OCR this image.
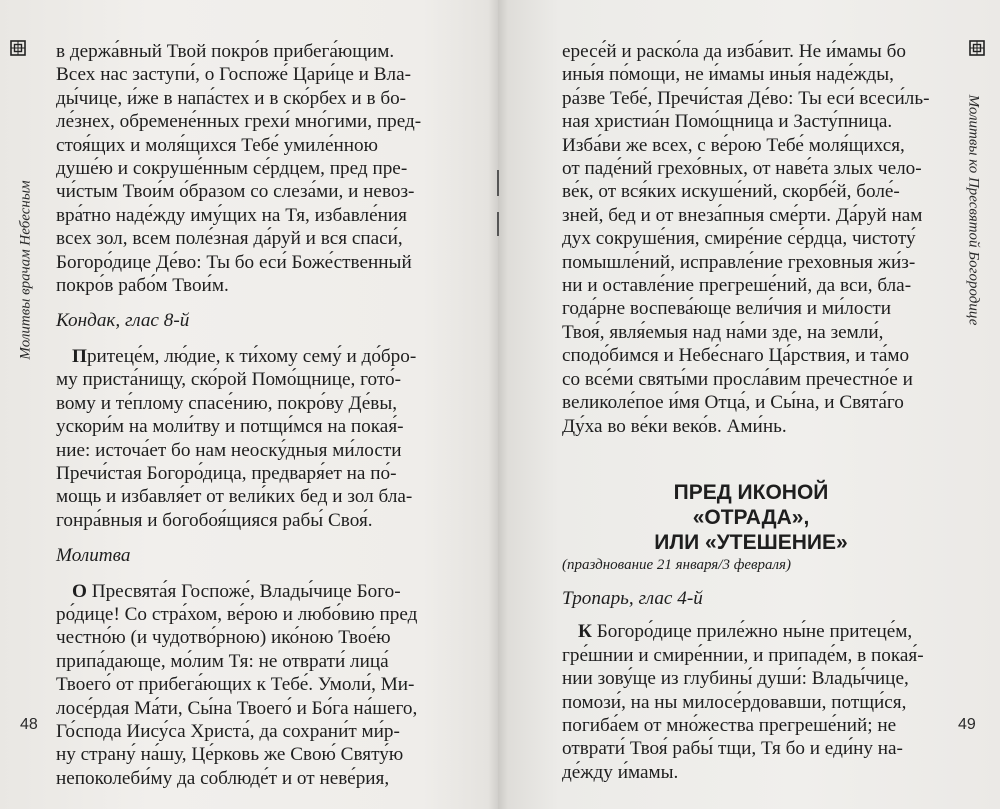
Молитвы врачам Небесным	Молитвы ко Пресвятой Богородице

в держа́вный Твой покро́в прибега́ющим.

Всех нас заступи́, о Госпоже́ Цари́це и Вла-

ды́чице, и́же в напа́стех и в ско́рбех и в бо-

ле́знех, обремене́нных грехи́ мно́гими, пред-

стоя́щих и моля́щихся Тебе́ умиле́нною

душе́ю и сокруше́нным се́рдцем, пред пре-

чи́стым Твои́м о́бразом со слеза́ми, и невоз-

вра́тно наде́жду иму́щих на Тя, избавле́ния

всех зол, всем поле́зная да́руй и вся спаси́,

Богоро́дице Де́во: Ты бо еси́ Боже́ственный

покро́в рабо́м Твои́м.

Кондак, глас 8-й

Притеце́м, лю́дие, к ти́хому сему́ и до́бро-

му приста́нищу, ско́рой Помо́щнице, гото́-

вому и те́плому спасе́нию, покро́ву Де́вы,

ускори́м на моли́тву и потщи́мся на покая́-

ние: источа́ет бо нам неоску́дныя ми́лости

Пречи́стая Богоро́дица, предваря́ет на по́-

мощь и избавля́ет от вели́ких бед и зол бла-

гонра́вныя и богобоя́щияся рабы́ Своя́.

Молитва

О Пресвята́я Госпоже́, Влады́чице Бого-

ро́дице! Со стра́хом, ве́рою и любо́вию пред

честно́ю (и чудотво́рною) ико́ною Твое́ю

припа́дающе, мо́лим Тя: не отврати́ лица́

Твоего́ от прибега́ющих к Тебе́. Умоли́, Ми-

лосе́рдая Ма́ти, Сы́на Твоего́ и Бо́га на́шего,

Го́спода Иису́са Христа́, да сохрани́т ми́р-

ну страну́ на́шу, Це́рковь же Свою́ Святу́ю

непоколеби́му да соблюде́т и от неве́рия,

ересе́й и раско́ла да изба́вит. Не и́мамы бо

ины́я по́мощи, не и́мамы ины́я наде́жды,

ра́зве Тебе́, Пречи́стая Де́во: Ты еси́ всеси́ль-

ная христиа́н Помо́щница и Засту́пница.

Изба́ви же всех, с ве́рою Тебе́ моля́щихся,

от паде́ний грехо́вных, от наве́та злых чело-

ве́к, от вся́ких искуше́ний, скорбе́й, боле́-

зней, бед и от внеза́пныя сме́рти. Да́руй нам

дух сокруше́ния, смире́ние се́рдца, чистоту́

помышле́ний, исправле́ние греховныя жи́з-

ни и оставле́ние прегреше́ний, да вси, бла-

года́рне воспева́юще вели́чия и ми́лости

Твоя́, явля́емыя над на́ми зде, на земли́,

сподо́бимся и Небе́снаго Ца́рствия, и та́мо

со все́ми святы́ми просла́вим пречестно́е и

великоле́пое и́мя Отца́, и Сы́на, и Свята́го

Ду́ха во ве́ки веко́в. Ами́нь.

ПРЕД ИКОНОЙ
«ОТРАДА»,
ИЛИ «УТЕШЕНИЕ»

(празднование 21 января/3 февраля)

Тропарь, глас 4-й

К Богоро́дице приле́жно ны́не притеце́м,

гре́шнии и смире́ннии, и припаде́м, в покая́-

нии зову́ще из глубины́ души́: Влады́чице,

помози́, на ны милосе́рдовавши, потщи́ся,

погиба́ем от мно́жества прегреше́ний; не

отврати́ Твоя́ рабы́ тщи, Тя бо и еди́ну на-

де́жду и́мамы.

48	49
